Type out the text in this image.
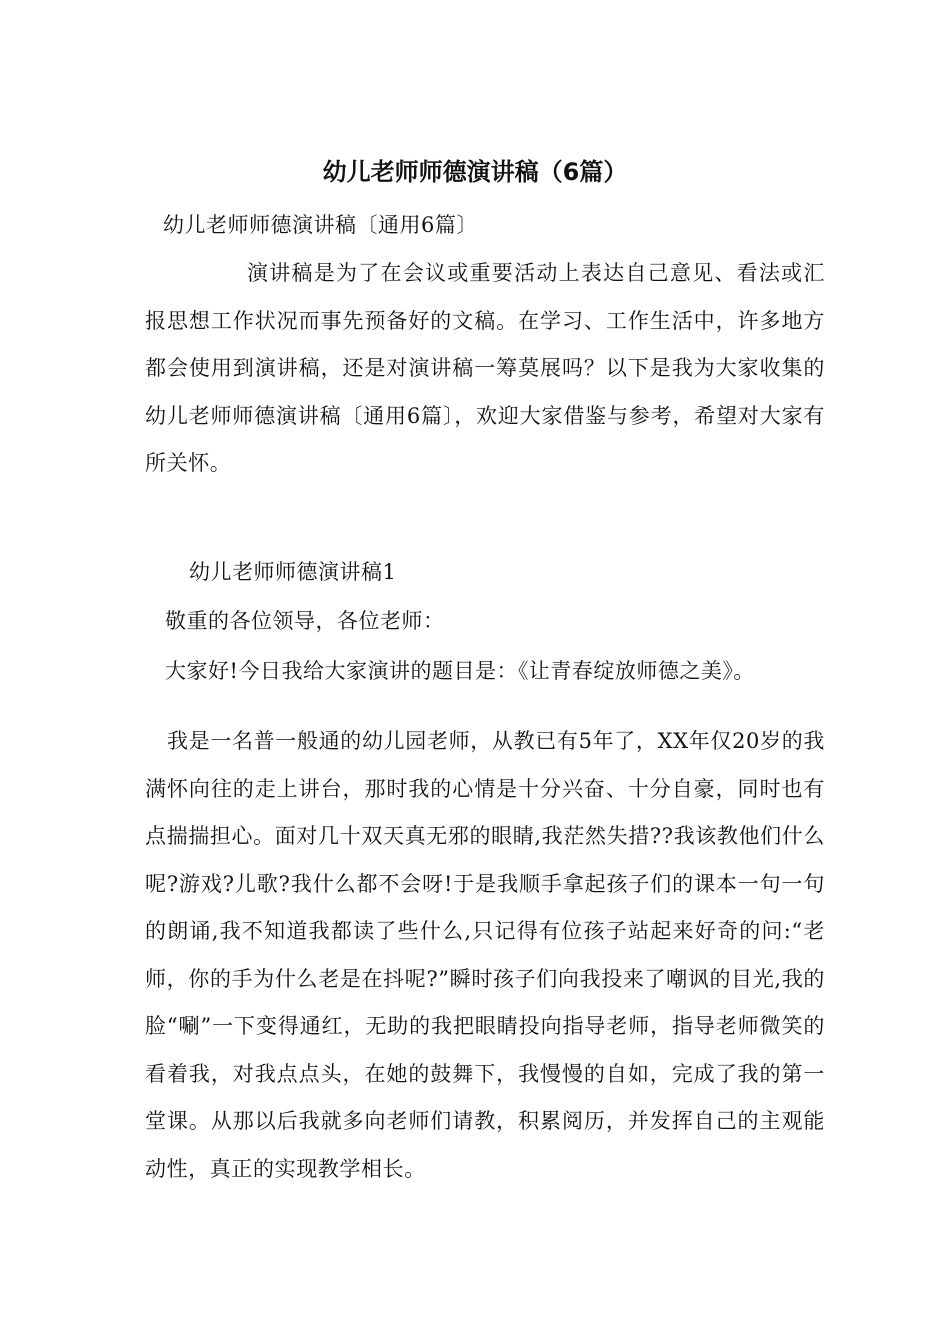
幼儿老师师德演讲稿（6篇）
幼儿老师师德演讲稿〔通用6篇〕

演讲稿是为了在会议或重要活动上表达自己意见、看法或汇报思想工作状况而事先预备好的文稿。在学习、工作生活中，许多地方都会使用到演讲稿，还是对演讲稿一筹莫展吗？以下是我为大家收集的幼儿老师师德演讲稿〔通用6篇〕，欢迎大家借鉴与参考，希望对大家有所关怀。

幼儿老师师德演讲稿1
敬重的各位领导，各位老师：
大家好!今日我给大家演讲的题目是：《让青春绽放师德之美》。

我是一名普一般通的幼儿园老师，从教已有5年了，XX年仅20岁的我满怀向往的走上讲台，那时我的心情是十分兴奋、十分自豪，同时也有点揣揣担心。面对几十双天真无邪的眼睛,我茫然失措??我该教他们什么呢?游戏?儿歌?我什么都不会呀!于是我顺手拿起孩子们的课本一句一句的朗诵,我不知道我都读了些什么,只记得有位孩子站起来好奇的问:“老师，你的手为什么老是在抖呢?”瞬时孩子们向我投来了嘲讽的目光,我的脸“唰”一下变得通红，无助的我把眼睛投向指导老师，指导老师微笑的看着我，对我点点头，在她的鼓舞下，我慢慢的自如，完成了我的第一堂课。从那以后我就多向老师们请教，积累阅历，并发挥自己的主观能动性，真正的实现教学相长。
